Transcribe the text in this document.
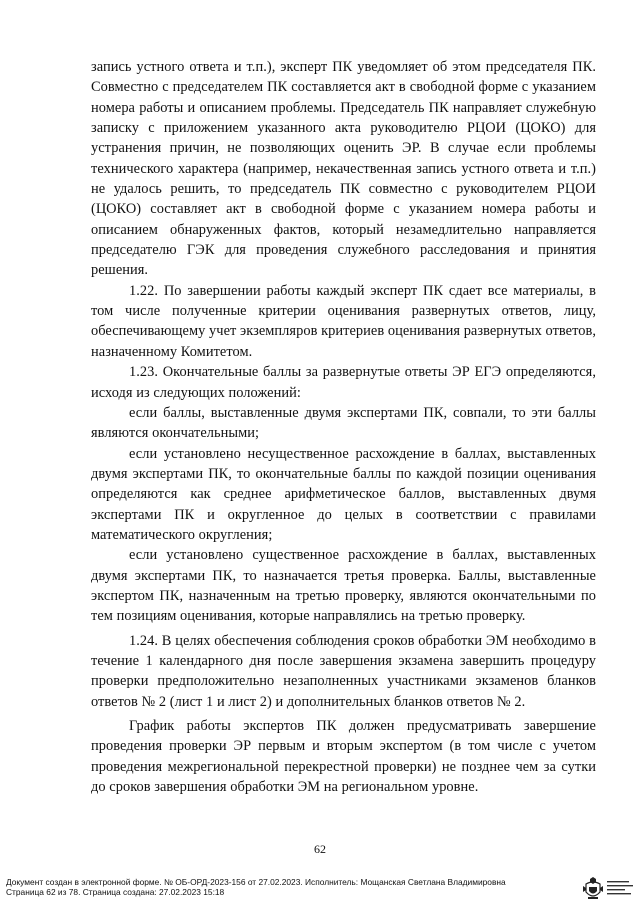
запись устного ответа и т.п.), эксперт ПК уведомляет об этом председателя ПК. Совместно с председателем ПК составляется акт в свободной форме с указанием номера работы и описанием проблемы. Председатель ПК направляет служебную записку с приложением указанного акта руководителю РЦОИ (ЦОКО) для устранения причин, не позволяющих оценить ЭР. В случае если проблемы технического характера (например, некачественная запись устного ответа и т.п.) не удалось решить, то председатель ПК совместно с руководителем РЦОИ (ЦОКО) составляет акт в свободной форме с указанием номера работы и описанием обнаруженных фактов, который незамедлительно направляется председателю ГЭК для проведения служебного расследования и принятия решения.

1.22. По завершении работы каждый эксперт ПК сдает все материалы, в том числе полученные критерии оценивания развернутых ответов, лицу, обеспечивающему учет экземпляров критериев оценивания развернутых ответов, назначенному Комитетом.

1.23. Окончательные баллы за развернутые ответы ЭР ЕГЭ определяются, исходя из следующих положений:

если баллы, выставленные двумя экспертами ПК, совпали, то эти баллы являются окончательными;

если установлено несущественное расхождение в баллах, выставленных двумя экспертами ПК, то окончательные баллы по каждой позиции оценивания определяются как среднее арифметическое баллов, выставленных двумя экспертами ПК и округленное до целых в соответствии с правилами математического округления;

если установлено существенное расхождение в баллах, выставленных двумя экспертами ПК, то назначается третья проверка. Баллы, выставленные экспертом ПК, назначенным на третью проверку, являются окончательными по тем позициям оценивания, которые направлялись на третью проверку.

1.24. В целях обеспечения соблюдения сроков обработки ЭМ необходимо в течение 1 календарного дня после завершения экзамена завершить процедуру проверки предположительно незаполненных участниками экзаменов бланков ответов № 2 (лист 1 и лист 2) и дополнительных бланков ответов № 2.

График работы экспертов ПК должен предусматривать завершение проведения проверки ЭР первым и вторым экспертом (в том числе с учетом проведения межрегиональной перекрестной проверки) не позднее чем за сутки до сроков завершения обработки ЭМ на региональном уровне.

62
Документ создан в электронной форме. № ОБ-ОРД-2023-156 от 27.02.2023. Исполнитель: Мощанская Светлана Владимировна
Страница 62 из 78. Страница создана: 27.02.2023 15:18
